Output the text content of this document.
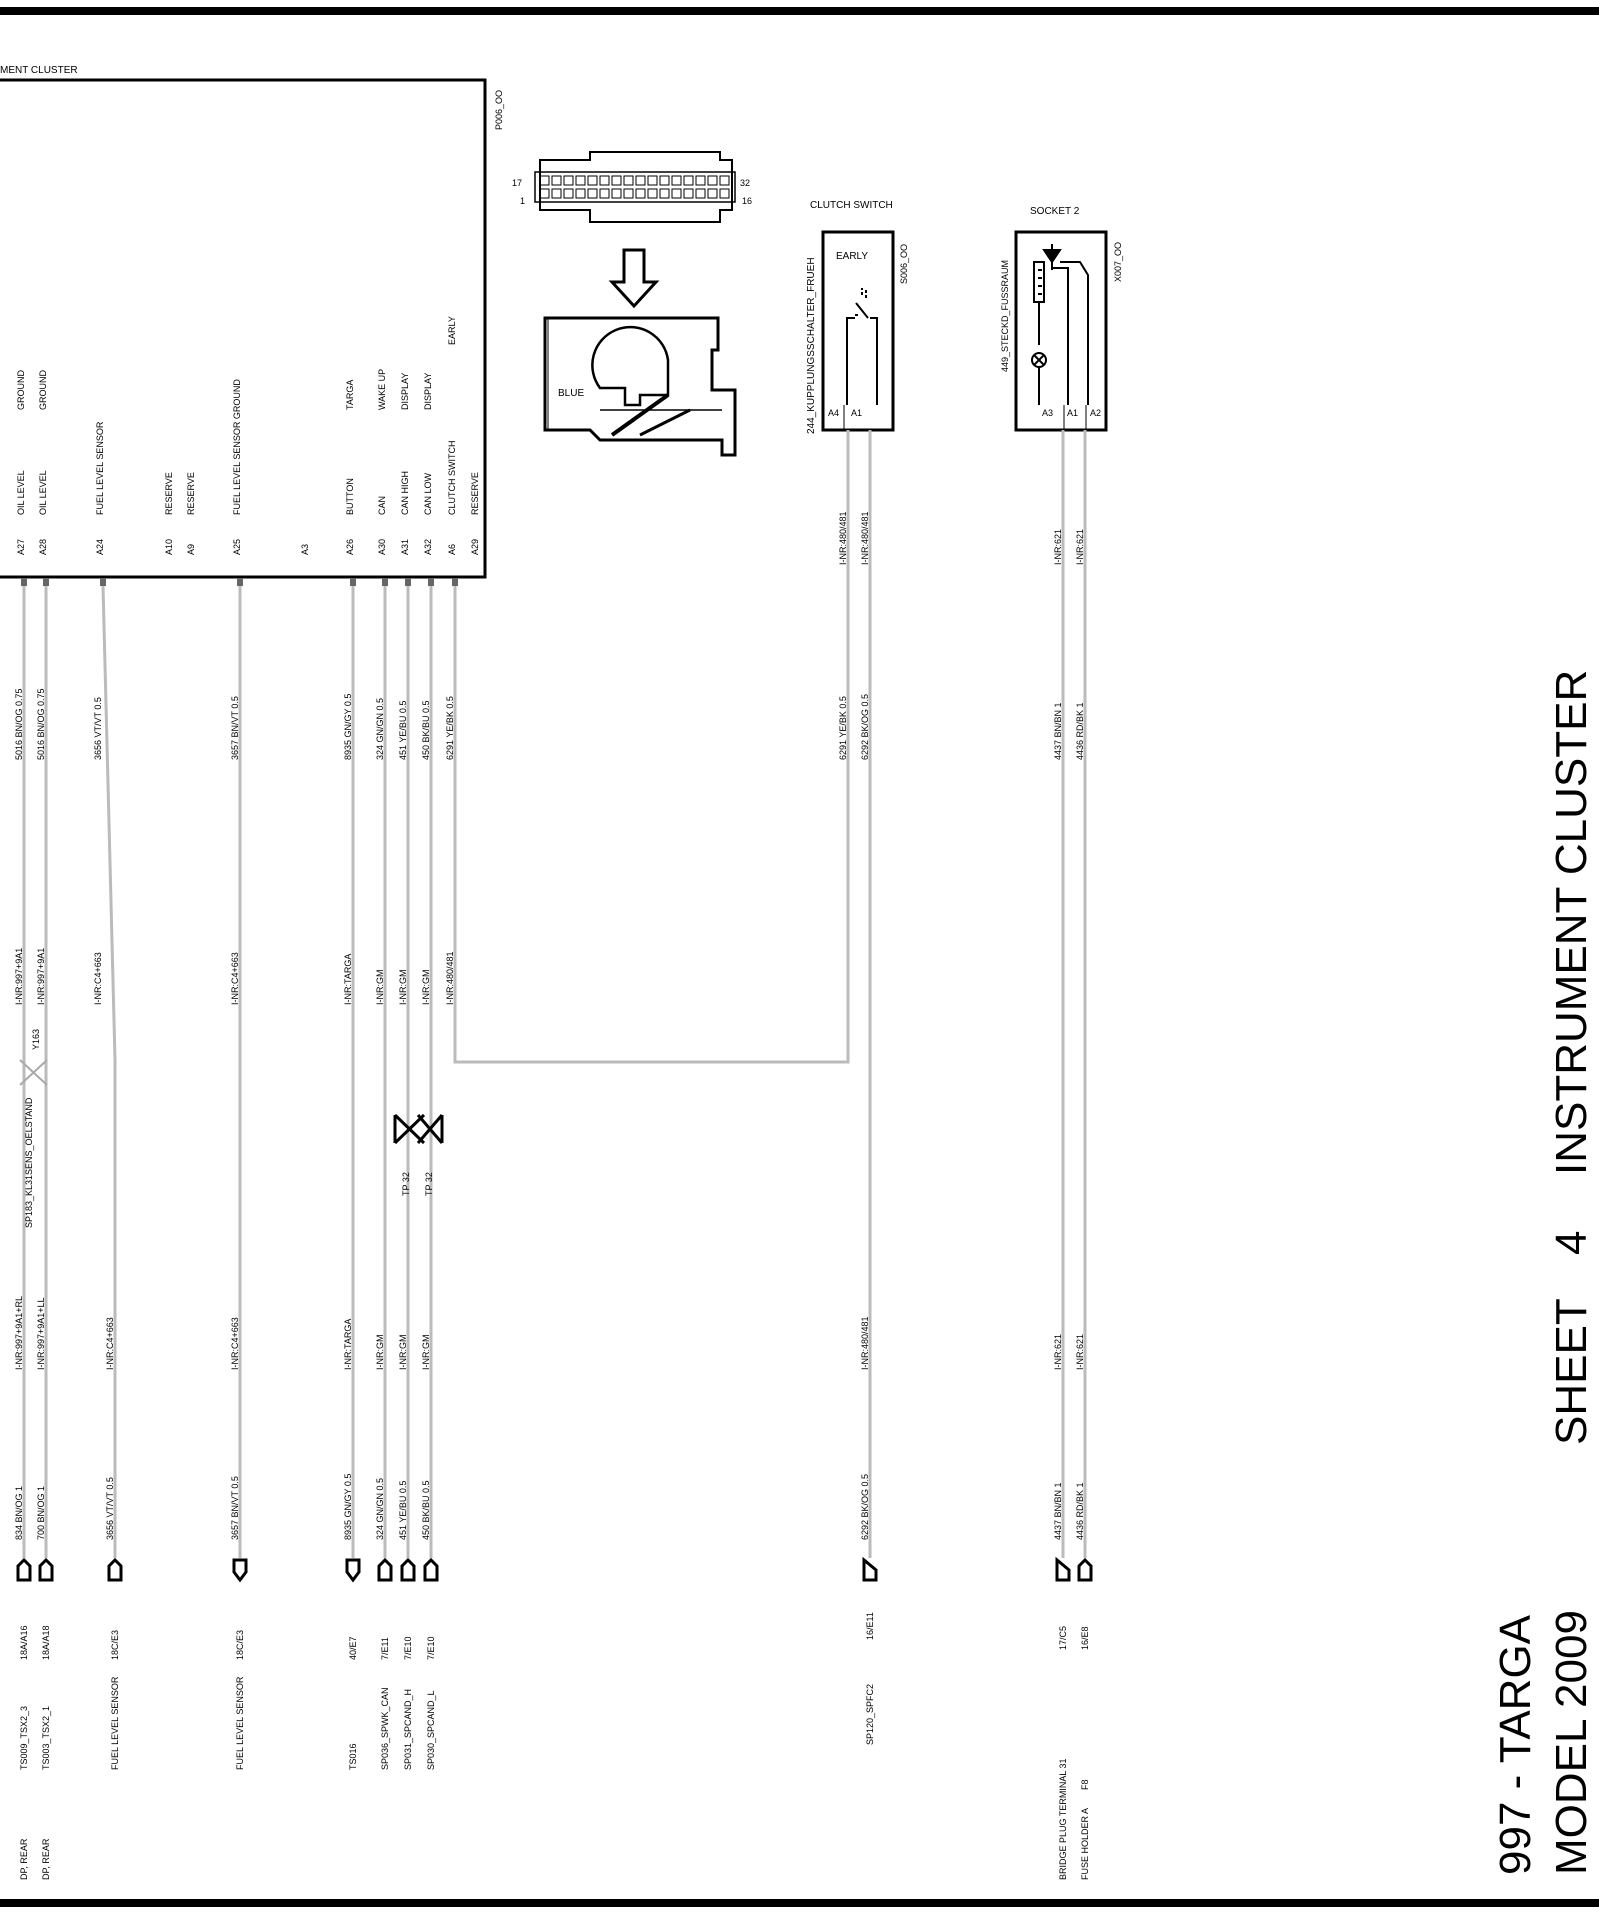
MENT CLUSTER
P006_OO
A27
OIL LEVEL
GROUND
A28
OIL LEVEL
GROUND
A24
FUEL LEVEL SENSOR
A10
RESERVE
A9
RESERVE
A25
FUEL LEVEL SENSOR GROUND
A3	A26
BUTTON
TARGA
A30
CAN
WAKE UP
A31
CAN HIGH
DISPLAY
A32
CAN LOW
DISPLAY
A6
CLUTCH SWITCH
EARLY
A29
RESERVE
17
1
32
16
BLUE
CLUTCH SWITCH
244_KUPPLUNGSSCHALTER_FRUEH
EARLY	S006_OO
A4 A1
SOCKET 2
449_STECKD_FUSSRAUM	X007_OO
A3 A1 A2
5016 BN/OG 0.75
I-NR:997+9A1
I-NR:997+9A1+RL
834 BN/OG 1
18A/A16
TS009_TSX2_3
DP, REAR
5016 BN/OG 0.75
I-NR:997+9A1
I-NR:997+9A1+LL
700 BN/OG 1
18A/A18
TS003_TSX2_1
DP, REAR
3656 VT/VT 0.5
I-NR:C4+663
I-NR:C4+663
3656 VT/VT 0.5
18C/E3
FUEL LEVEL SENSOR
3657 BN/VT 0.5
I-NR:C4+663
I-NR:C4+663
3657 BN/VT 0.5
18C/E3
FUEL LEVEL SENSOR
8935 GN/GY 0.5
I-NR:TARGA
I-NR:TARGA
8935 GN/GY 0.5
40/E7
TS016
324 GN/GN 0.5
I-NR:GM
I-NR:GM
324 GN/GN 0.5
7/E11
SP036_SPWK_CAN
451 YE/BU 0.5
I-NR:GM
I-NR:GM
451 YE/BU 0.5
7/E10
SP031_SPCAND_H
450 BK/BU 0.5
I-NR:GM
I-NR:GM
450 BK/BU 0.5
7/E10
SP030_SPCAND_L
6291 YE/BK 0.5
I-NR:480/481
I-NR:480/481
6291 YE/BK 0.5
I-NR:480/481
6292 BK/OG 0.5
I-NR:480/481
6292 BK/OG 0.5
16/E11
SP120_SPFC2
I-NR:621
4437 BN/BN 1
I-NR:621
4437 BN/BN 1
17/C5
BRIDGE PLUG TERMINAL 31
I-NR:621
4436 RD/BK 1
I-NR:621
4436 RD/BK 1
16/E8
FUSE HOLDER A
F8
SP183_KL31SENS_OELSTAND
Y163
TP 32 TP 32
997 - TARGA MODEL 2009
SHEET
4
INSTRUMENT CLUSTER
